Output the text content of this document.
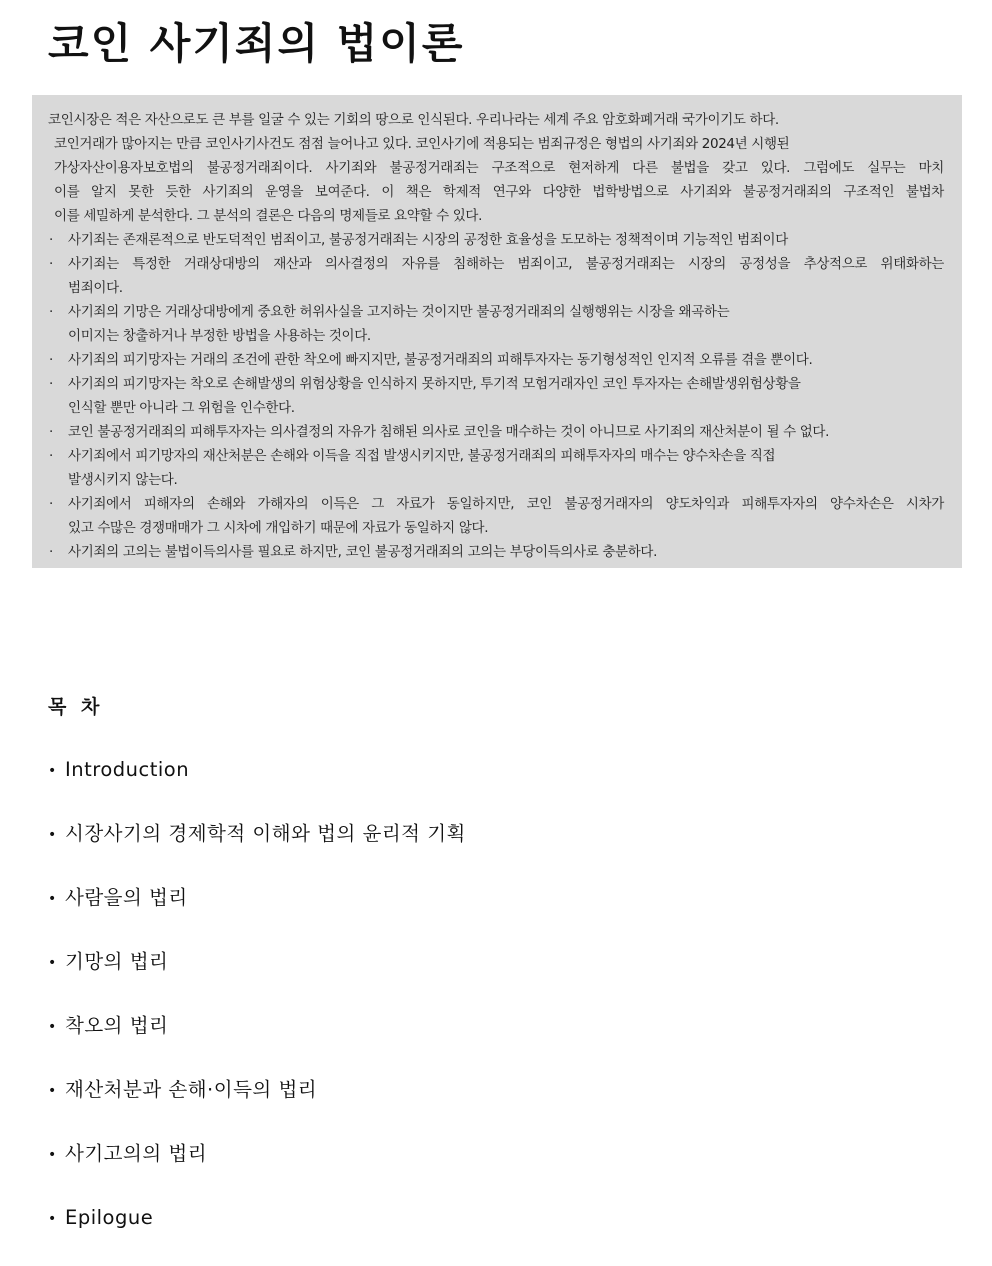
코인 사기죄의 법이론

코인시장은 적은 자산으로도 큰 부를 일굴 수 있는 기회의 땅으로 인식된다. 우리나라는 세계 주요 암호화폐거래 국가이기도 하다.

코인거래가 많아지는 만큼 코인사기사건도 점점 늘어나고 있다. 코인사기에 적용되는 범죄규정은 형법의 사기죄와 2024년 시행된

가상자산이용자보호법의 불공정거래죄이다. 사기죄와 불공정거래죄는 구조적으로 현저하게 다른 불법을 갖고 있다. 그럼에도 실무는 마치

이를 알지 못한 듯한 사기죄의 운영을 보여준다. 이 책은 학제적 연구와 다양한 법학방법으로 사기죄와 불공정거래죄의 구조적인 불법차

이를 세밀하게 분석한다. 그 분석의 결론은 다음의 명제들로 요약할 수 있다.

· 사기죄는 존재론적으로 반도덕적인 범죄이고, 불공정거래죄는 시장의 공정한 효율성을 도모하는 정책적이며 기능적인 범죄이다
· 사기죄는 특정한 거래상대방의 재산과 의사결정의 자유를 침해하는 범죄이고, 불공정거래죄는 시장의 공정성을 추상적으로 위태화하는
범죄이다.
· 사기죄의 기망은 거래상대방에게 중요한 허위사실을 고지하는 것이지만 불공정거래죄의 실행행위는 시장을 왜곡하는
이미지는 창출하거나 부정한 방법을 사용하는 것이다.
· 사기죄의 피기망자는 거래의 조건에 관한 착오에 빠지지만, 불공정거래죄의 피해투자자는 동기형성적인 인지적 오류를 겪을 뿐이다.
· 사기죄의 피기망자는 착오로 손해발생의 위험상황을 인식하지 못하지만, 투기적 모험거래자인 코인 투자자는 손해발생위험상황을
인식할 뿐만 아니라 그 위험을 인수한다.
· 코인 불공정거래죄의 피해투자자는 의사결정의 자유가 침해된 의사로 코인을 매수하는 것이 아니므로 사기죄의 재산처분이 될 수 없다.
· 사기죄에서 피기망자의 재산처분은 손해와 이득을 직접 발생시키지만, 불공정거래죄의 피해투자자의 매수는 양수차손을 직접
발생시키지 않는다.
· 사기죄에서 피해자의 손해와 가해자의 이득은 그 자료가 동일하지만, 코인 불공정거래자의 양도차익과 피해투자자의 양수차손은 시차가
있고 수많은 경쟁매매가 그 시차에 개입하기 때문에 자료가 동일하지 않다.
· 사기죄의 고의는 불법이득의사를 필요로 하지만, 코인 불공정거래죄의 고의는 부당이득의사로 충분하다.
목 차
• Introduction
• 시장사기의 경제학적 이해와 법의 윤리적 기획
• 사람을의 법리
• 기망의 법리
• 착오의 법리
• 재산처분과 손해·이득의 법리
• 사기고의의 법리
• Epilogue
